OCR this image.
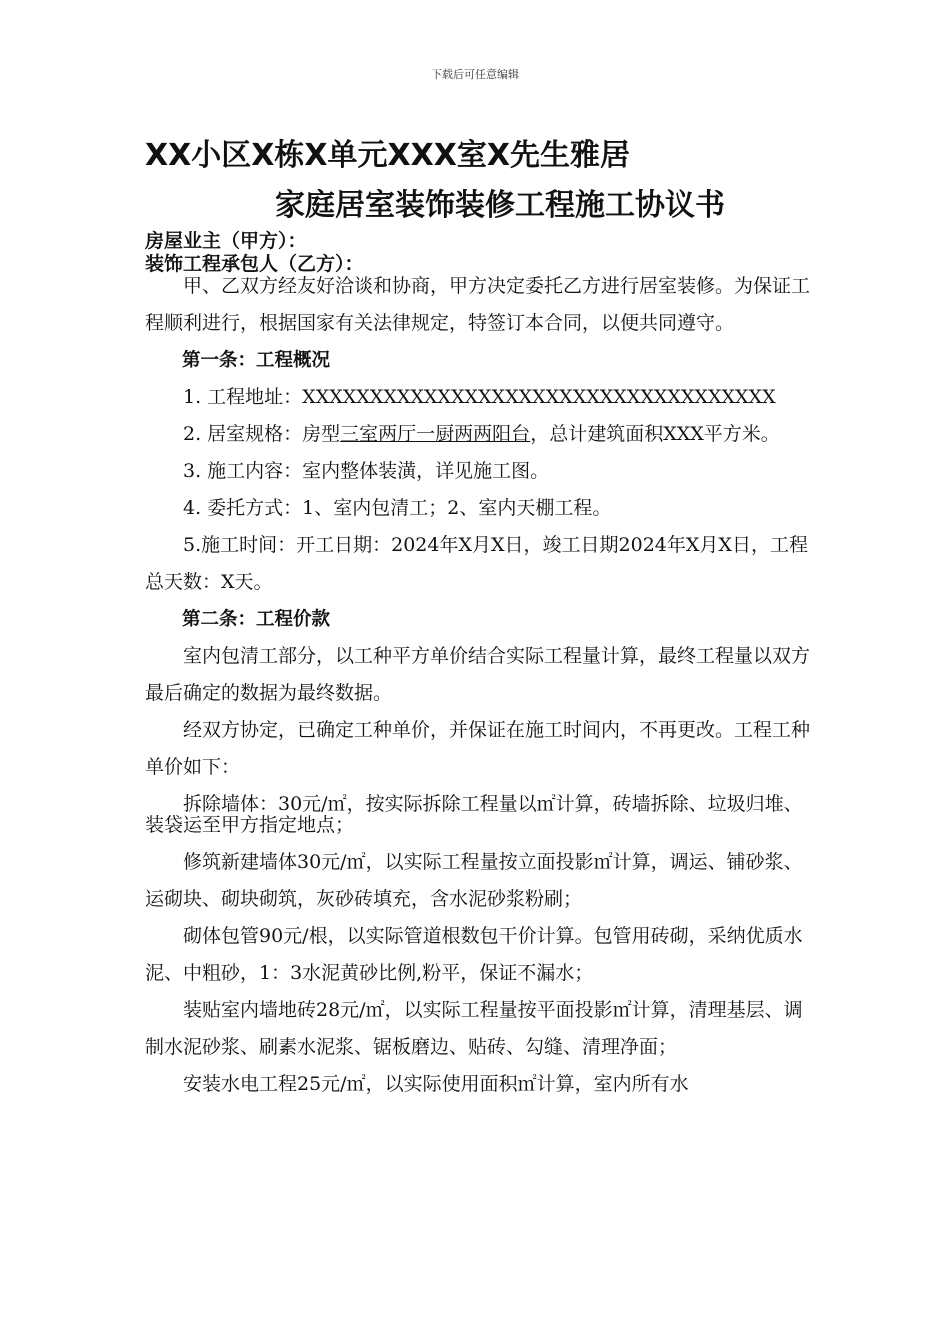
下载后可任意编辑
XX小区X栋X单元XXX室X先生雅居
家庭居室装饰装修工程施工协议书
房屋业主（甲方）：
装饰工程承包人（乙方）：

甲、乙双方经友好洽谈和协商，甲方决定委托乙方进行居室装修。为保证工程顺利进行，根据国家有关法律规定，特签订本合同，以便共同遵守。

第一条：工程概况

1. 工程地址：XXXXXXXXXXXXXXXXXXXXXXXXXXXXXXXXXXX

2. 居室规格：房型三室两厅一厨两两阳台，总计建筑面积XXX平方米。

3. 施工内容：室内整体装潢，详见施工图。

4. 委托方式：1、室内包清工；2、室内天棚工程。

5.施工时间：开工日期：2024年X月X日，竣工日期2024年X月X日，工程总天数：X天。

第二条：工程价款

室内包清工部分，以工种平方单价结合实际工程量计算，最终工程量以双方最后确定的数据为最终数据。

经双方协定，已确定工种单价，并保证在施工时间内，不再更改。工程工种单价如下：

拆除墙体：30元/㎡，按实际拆除工程量以㎡计算，砖墙拆除、垃圾归堆、装袋运至甲方指定地点；

修筑新建墙体30元/㎡，以实际工程量按立面投影㎡计算，调运、铺砂浆、运砌块、砌块砌筑，灰砂砖填充，含水泥砂浆粉刷；

砌体包管90元/根，以实际管道根数包干价计算。包管用砖砌，采纳优质水泥、中粗砂，1：3水泥黄砂比例,粉平，保证不漏水；

装贴室内墙地砖28元/㎡，以实际工程量按平面投影㎡计算，清理基层、调制水泥砂浆、刷素水泥浆、锯板磨边、贴砖、勾缝、清理净面；

安装水电工程25元/㎡，以实际使用面积㎡计算，室内所有水
